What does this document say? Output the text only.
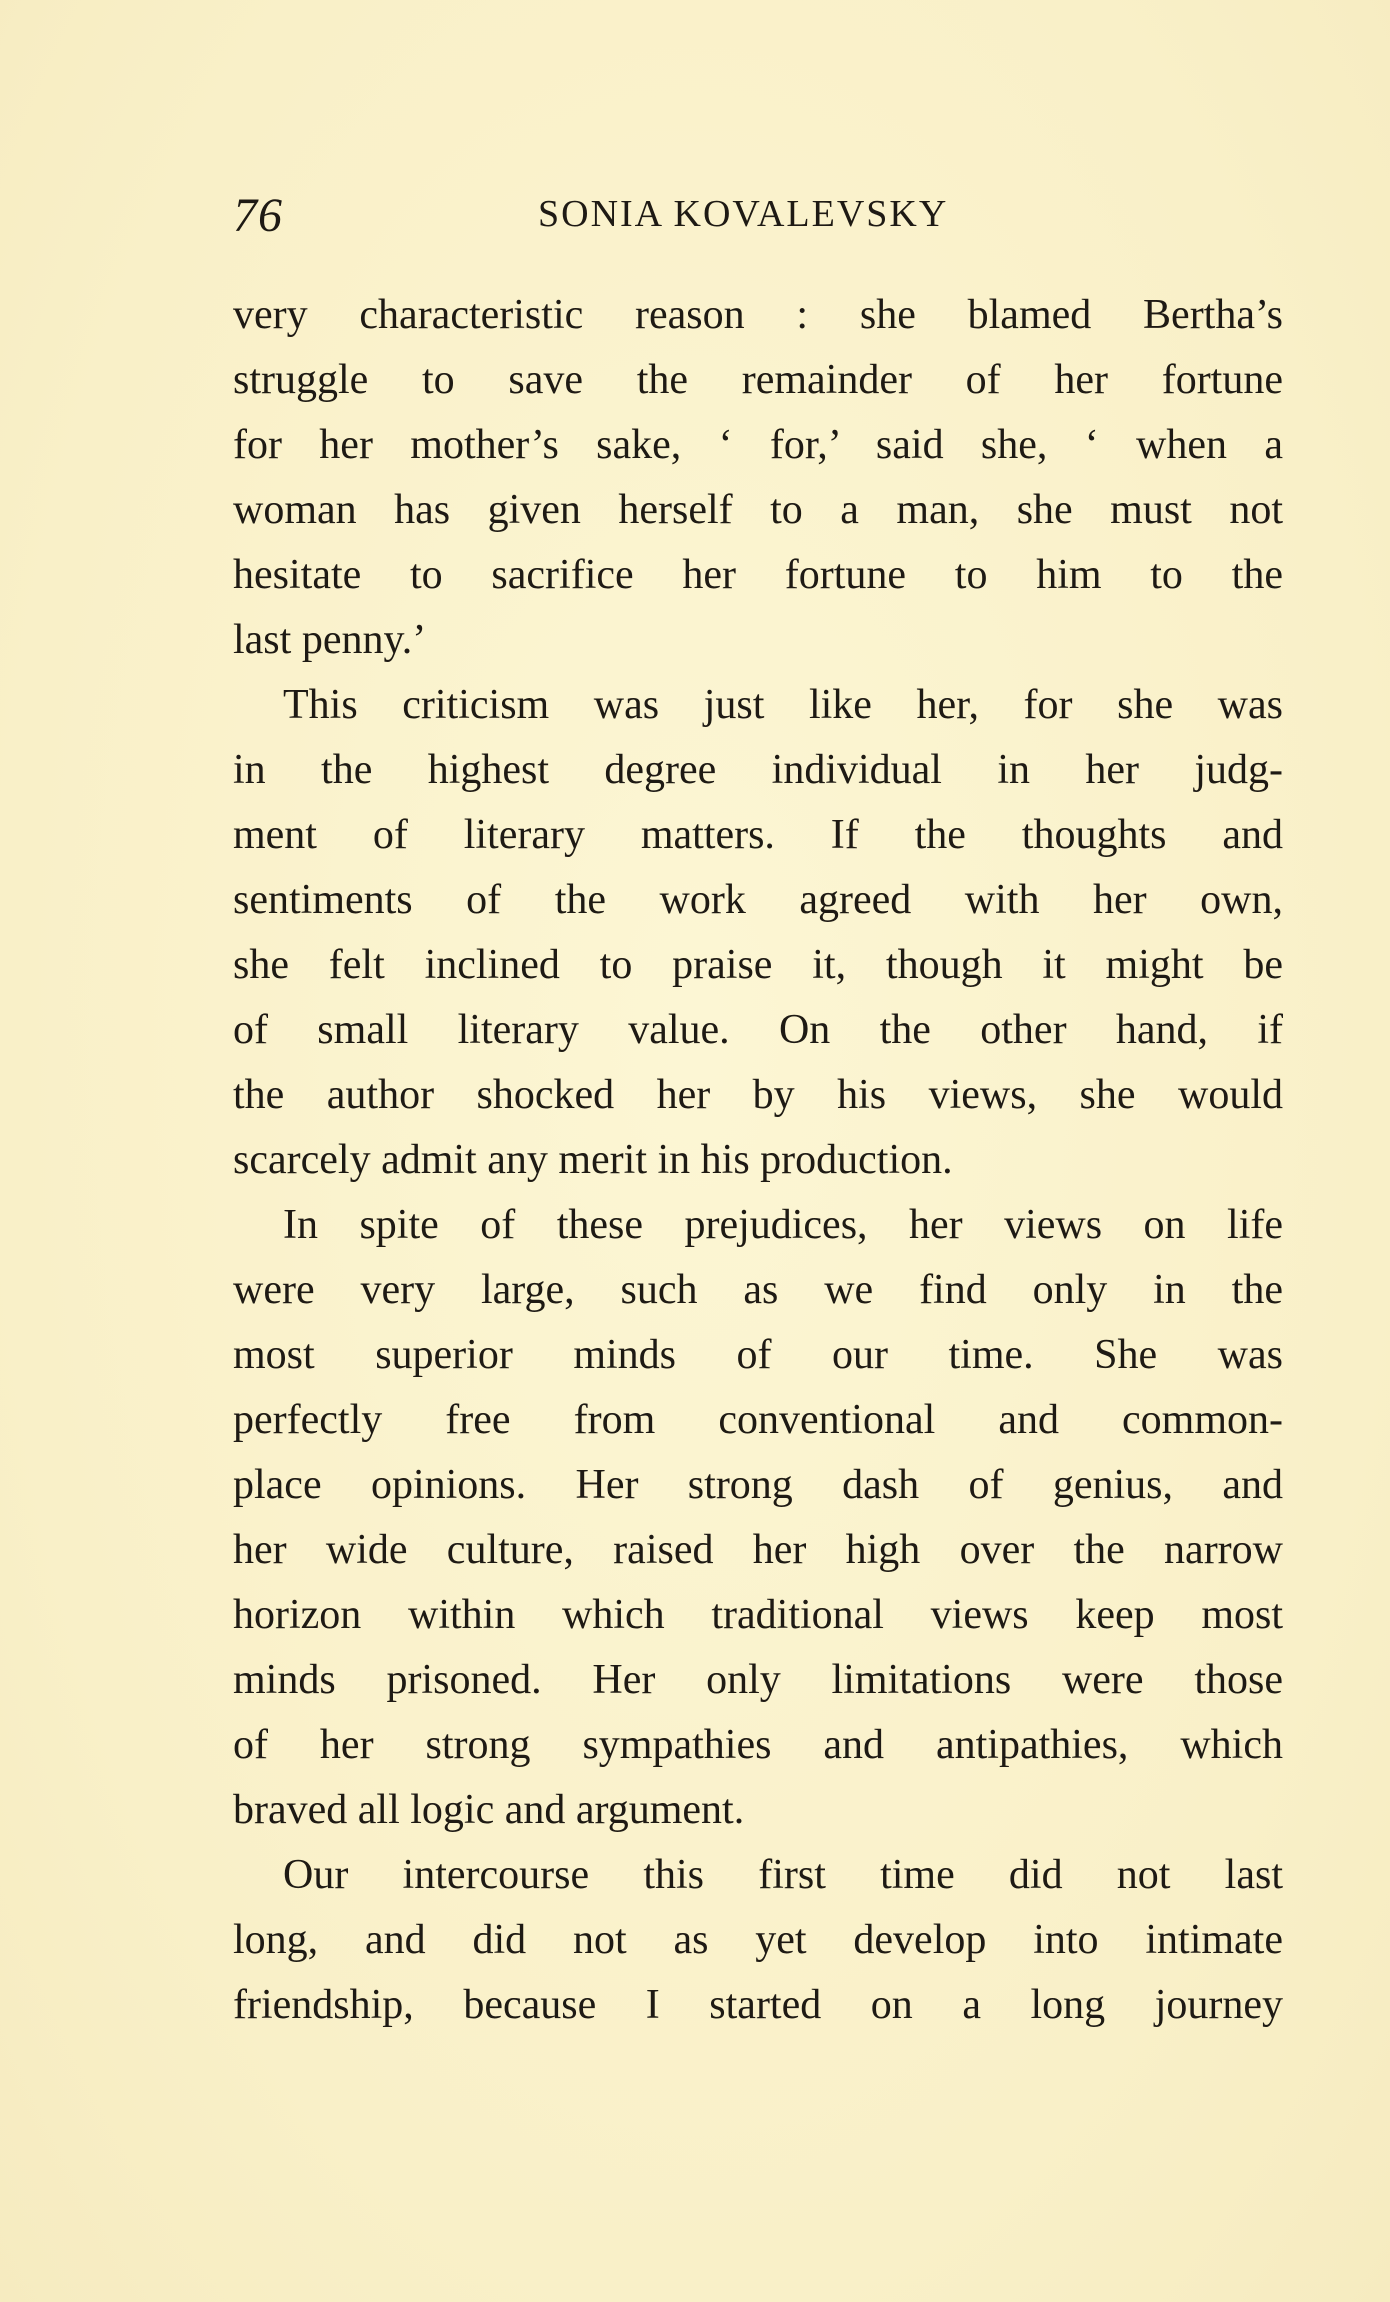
76	SONIA KOVALEVSKY
very characteristic reason : she blamed Bertha’s
struggle to save the remainder of her fortune
for her mother’s sake, ‘ for,’ said she, ‘ when a
woman has given herself to a man, she must not
hesitate to sacrifice her fortune to him to the
last penny.’
This criticism was just like her, for she was
in the highest degree individual in her judg-
ment of literary matters. If the thoughts and
sentiments of the work agreed with her own,
she felt inclined to praise it, though it might be
of small literary value. On the other hand, if
the author shocked her by his views, she would
scarcely admit any merit in his production.
In spite of these prejudices, her views on life
were very large, such as we find only in the
most superior minds of our time. She was
perfectly free from conventional and common-
place opinions. Her strong dash of genius, and
her wide culture, raised her high over the narrow
horizon within which traditional views keep most
minds prisoned. Her only limitations were those
of her strong sympathies and antipathies, which
braved all logic and argument.
Our intercourse this first time did not last
long, and did not as yet develop into intimate
friendship, because I started on a long journey
